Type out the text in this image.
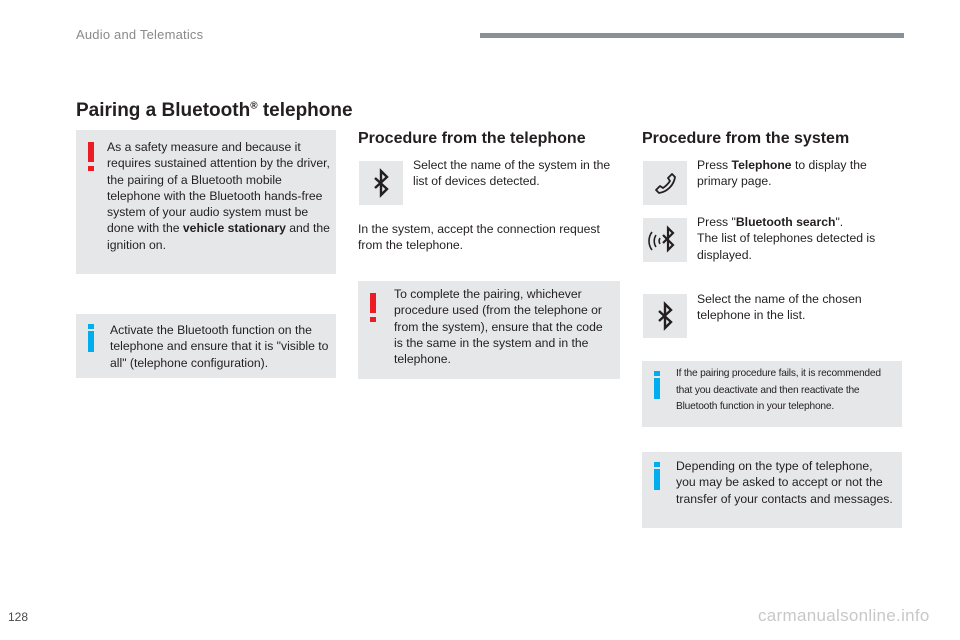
Audio and Telematics
Pairing a Bluetooth® telephone
As a safety measure and because it requires sustained attention by the driver, the pairing of a Bluetooth mobile telephone with the Bluetooth hands-free system of your audio system must be done with the vehicle stationary and the ignition on.
Activate the Bluetooth function on the telephone and ensure that it is "visible to all" (telephone configuration).
Procedure from the telephone
Select the name of the system in the list of devices detected.
In the system, accept the connection request from the telephone.
To complete the pairing, whichever procedure used (from the telephone or from the system), ensure that the code is the same in the system and in the telephone.
Procedure from the system
Press Telephone to display the primary page.
Press "Bluetooth search".
The list of telephones detected is displayed.
Select the name of the chosen telephone in the list.
If the pairing procedure fails, it is recommended that you deactivate and then reactivate the Bluetooth function in your telephone.
Depending on the type of telephone, you may be asked to accept or not the transfer of your contacts and messages.
128	carmanualsonline.info
